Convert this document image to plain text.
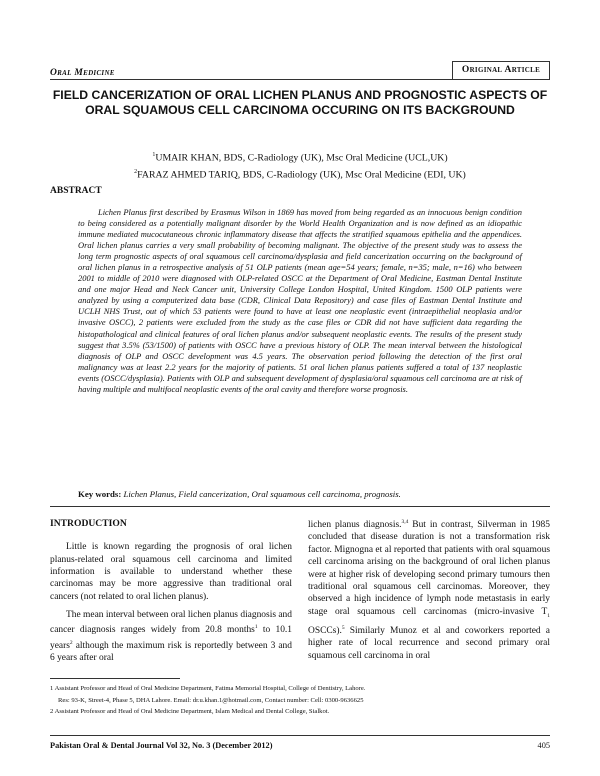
Oral Medicine	Original Article
FIELD CANCERIZATION OF ORAL LICHEN PLANUS AND PROGNOSTIC ASPECTS OF ORAL SQUAMOUS CELL CARCINOMA OCCURING ON ITS BACKGROUND
$^1$UMAIR KHAN, BDS, C-Radiology (UK), Msc Oral Medicine (UCL,UK)
$^2$FARAZ AHMED TARIQ, BDS, C-Radiology (UK), Msc Oral Medicine (EDI, UK)
ABSTRACT

Lichen Planus first described by Erasmus Wilson in 1869 has moved from being regarded as an innocuous benign condition to being considered as a potentially malignant disorder by the World Health Organization and is now defined as an idiopathic immune mediated mucocutaneous chronic inflammatory disease that affects the stratified squamous epithelia and the appendices. Oral lichen planus carries a very small probability of becoming malignant. The objective of the present study was to assess the long term prognostic aspects of oral squamous cell carcinoma/dysplasia and field cancerization occurring on the background of oral lichen planus in a retrospective analysis of 51 OLP patients (mean age=54 years; female, n=35; male, n=16) who between 2001 to middle of 2010 were diagnosed with OLP-related OSCC at the Department of Oral Medicine, Eastman Dental Institute and one major Head and Neck Cancer unit, University College London Hospital, United Kingdom. 1500 OLP patients were analyzed by using a computerized data base (CDR, Clinical Data Repository) and case files of Eastman Dental Institute and UCLH NHS Trust, out of which 53 patients were found to have at least one neoplastic event (intraepithelial neoplasia and/or invasive OSCC), 2 patients were excluded from the study as the case files or CDR did not have sufficient data regarding the histopathological and clinical features of oral lichen planus and/or subsequent neoplastic events. The results of the present study suggest that 3.5% (53/1500) of patients with OSCC have a previous history of OLP. The mean interval between the histological diagnosis of OLP and OSCC development was 4.5 years. The observation period following the detection of the first oral malignancy was at least 2.2 years for the majority of patients. 51 oral lichen planus patients suffered a total of 137 neoplastic events (OSCC/dysplasia). Patients with OLP and subsequent development of dysplasia/oral squamous cell carcinoma are at risk of having multiple and multifocal neoplastic events of the oral cavity and therefore worse prognosis.

Key words: Lichen Planus, Field cancerization, Oral squamous cell carcinoma, prognosis.

INTRODUCTION

Little is known regarding the prognosis of oral lichen planus-related oral squamous cell carcinoma and limited information is available to understand whether these carcinomas may be more aggressive than traditional oral cancers (not related to oral lichen planus).

The mean interval between oral lichen planus diagnosis and cancer diagnosis ranges widely from 20.8 months$^1$ to 10.1 years$^2$ although the maximum risk is reportedly between 3 and 6 years after oral

lichen planus diagnosis.$^{3,4}$ But in contrast, Silverman in 1985 concluded that disease duration is not a transformation risk factor. Mignogna et al reported that patients with oral squamous cell carcinoma arising on the background of oral lichen planus were at higher risk of developing second primary tumours then traditional oral squamous cell carcinomas. Moreover, they observed a high incidence of lymph node metastasis in early stage oral squamous cell carcinomas (micro-invasive $T_1$ OSCCs).$^5$ Similarly Munoz et al and coworkers reported a higher rate of local recurrence and second primary oral squamous cell carcinoma in oral

1 Assistant Professor and Head of Oral Medicine Department, Fatima Memorial Hospital, College of Dentistry, Lahore.

Res: 93-K, Street-4, Phase 5, DHA Lahore. Email: dr.u.khan.1@hotmail.com, Contact number: Cell: 0300-9636625

2 Assistant Professor and Head of Oral Medicine Department, Islam Medical and Dental College, Sialkot.

Pakistan Oral & Dental Journal Vol 32, No. 3 (December 2012)	405
